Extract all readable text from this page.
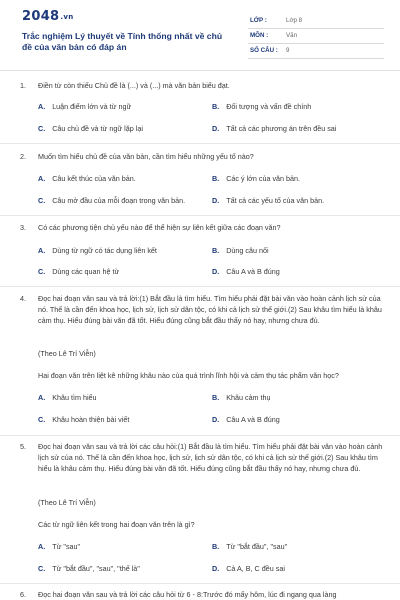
2048.vn
Trắc nghiệm Lý thuyết về Tính thống nhất về chủ đề của văn bản có đáp án
LỚP :	Lớp 8
MÔN :	Văn
SỐ CÂU : 9
1. Điền từ còn thiếu Chủ đề là (...) và (...) mà văn bản biểu đạt.
A. Luận điểm lớn và từ ngữ	B. Đối tượng và vấn đề chính
C. Câu chủ đề và từ ngữ lặp lại	D. Tất cả các phương án trên đều sai
2. Muốn tìm hiểu chủ đề của văn bản, cần tìm hiểu những yếu tố nào?
A. Câu kết thúc của văn bản.	B. Các ý lớn của văn bản.
C. Câu mở đầu của mỗi đoạn trong văn bản.	D. Tất cả các yếu tố của văn bản.
3. Có các phương tiện chủ yếu nào để thể hiện sự liên kết giữa các đoạn văn?
A. Dùng từ ngữ có tác dụng liên kết	B. Dùng câu nối
C. Dùng các quan hệ từ	D. Câu A và B đúng
4. Đọc hai đoạn văn sau và trả lời:(1) Bắt đầu là tìm hiểu. Tìm hiểu phải đặt bài văn vào hoàn cảnh lịch sử của nó. Thế là cần đến khoa học, lịch sử, lịch sử dân tộc, có khi cả lịch sử thế giới.(2) Sau khâu tìm hiểu là khâu cảm thụ. Hiểu đúng bài văn đã tốt. Hiểu đúng cũng bắt đầu thấy nó hay, nhưng chưa đủ.
(Theo Lê Trí Viễn)
Hai đoạn văn trên liệt kê những khâu nào của quá trình lĩnh hội và cảm thụ tác phẩm văn học?
A. Khâu tìm hiểu	B. Khâu cảm thụ
C. Khâu hoàn thiện bài viết	D. Câu A và B đúng
5. Đọc hai đoạn văn sau và trả lời các câu hỏi:(1) Bắt đầu là tìm hiểu. Tìm hiểu phải đặt bài văn vào hoàn cảnh lịch sử của nó. Thế là cần đến khoa học, lịch sử, lịch sử dân tộc, có khi cả lịch sử thế giới.(2) Sau khâu tìm hiểu là khâu cảm thụ. Hiểu đúng bài văn đã tốt. Hiểu đúng cũng bắt đầu thấy nó hay, nhưng chưa đủ.
(Theo Lê Trí Viễn)
Các từ ngữ liên kết trong hai đoạn văn trên là gì?
A. Từ "sau"	B. Từ "bắt đầu", "sau"
C. Từ "bắt đầu", "sau", "thế là"	D. Cả A, B, C đều sai
6. Đọc hai đoạn văn sau và trả lời các câu hỏi từ 6 - 8:Trước đó mấy hôm, lúc đi ngang qua làng
